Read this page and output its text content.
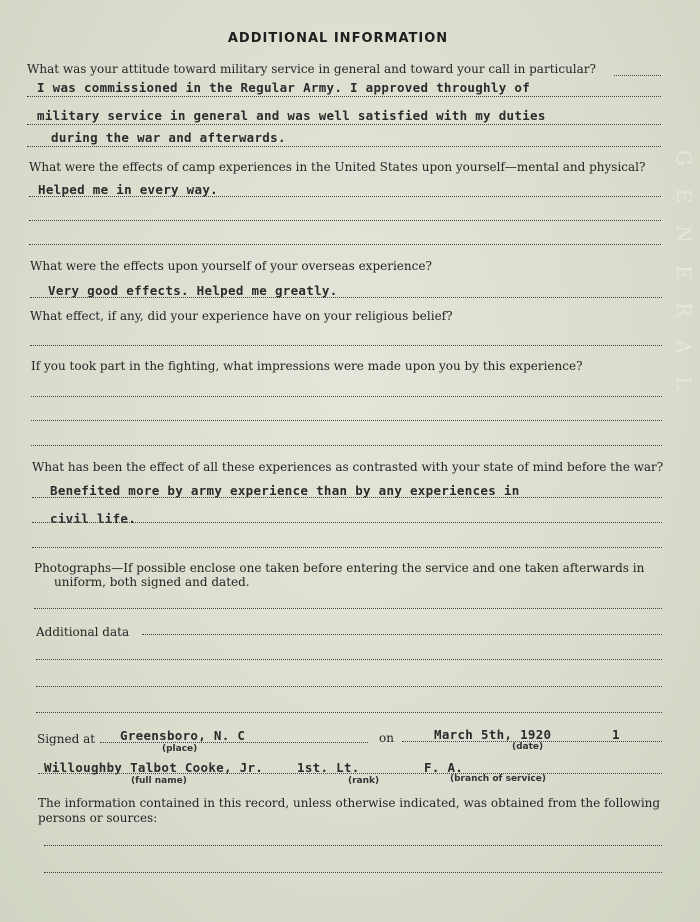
ADDITIONAL INFORMATION
What was your attitude toward military service in general and toward your call in particular?
I was commissioned in the Regular Army. I approved throughly of
military service in general and was well satisfied with my duties
during the war and afterwards.
What were the effects of camp experiences in the United States upon yourself—mental and physical?
Helped me in every way.
What were the effects upon yourself of your overseas experience?
Very good effects. Helped me greatly.
What effect, if any, did your experience have on your religious belief?
If you took part in the fighting, what impressions were made upon you by this experience?
What has been the effect of all these experiences as contrasted with your state of mind before the war?
Benefited more by army experience than by any experiences in
civil life.
Photographs—If possible enclose one taken before entering the service and one taken afterwards in
uniform, both signed and dated.
Additional data
Signed at Greensboro, N. C
(place)
on	March 5th, 1920	1
(date)
Willoughby Talbot Cooke, Jr.	1st. Lt.	F. A.
(full name)	(rank)	(branch of service)
The information contained in this record, unless otherwise indicated, was obtained from the following
persons or sources:
G E N E R A L
